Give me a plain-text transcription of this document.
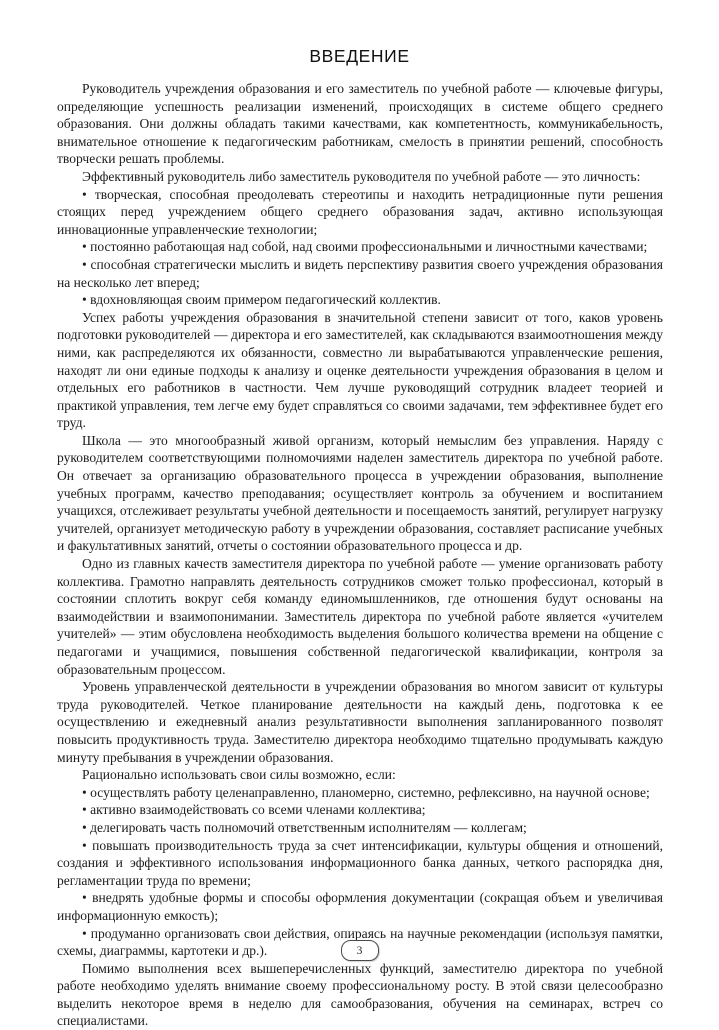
ВВЕДЕНИЕ

Руководитель учреждения образования и его заместитель по учебной работе — ключевые фигуры, определяющие успешность реализации изменений, происходящих в системе общего среднего образования. Они должны обладать такими качествами, как компетентность, коммуникабельность, внимательное отношение к педагогическим работникам, смелость в принятии решений, способность творчески решать проблемы.

Эффективный руководитель либо заместитель руководителя по учебной работе — это личность:

• творческая, способная преодолевать стереотипы и находить нетрадиционные пути решения стоящих перед учреждением общего среднего образования задач, активно использующая инновационные управленческие технологии;

• постоянно работающая над собой, над своими профессиональными и личностными качествами;

• способная стратегически мыслить и видеть перспективу развития своего учреждения образования на несколько лет вперед;

• вдохновляющая своим примером педагогический коллектив.

Успех работы учреждения образования в значительной степени зависит от того, каков уровень подготовки руководителей — директора и его заместителей, как складываются взаимоотношения между ними, как распределяются их обязанности, совместно ли вырабатываются управленческие решения, находят ли они единые подходы к анализу и оценке деятельности учреждения образования в целом и отдельных его работников в частности. Чем лучше руководящий сотрудник владеет теорией и практикой управления, тем легче ему будет справляться со своими задачами, тем эффективнее будет его труд.

Школа — это многообразный живой организм, который немыслим без управления. Наряду с руководителем соответствующими полномочиями наделен заместитель директора по учебной работе. Он отвечает за организацию образовательного процесса в учреждении образования, выполнение учебных программ, качество преподавания; осуществляет контроль за обучением и воспитанием учащихся, отслеживает результаты учебной деятельности и посещаемость занятий, регулирует нагрузку учителей, организует методическую работу в учреждении образования, составляет расписание учебных и факультативных занятий, отчеты о состоянии образовательного процесса и др.

Одно из главных качеств заместителя директора по учебной работе — умение организовать работу коллектива. Грамотно направлять деятельность сотрудников сможет только профессионал, который в состоянии сплотить вокруг себя команду единомышленников, где отношения будут основаны на взаимодействии и взаимопонимании. Заместитель директора по учебной работе является «учителем учителей» — этим обусловлена необходимость выделения большого количества времени на общение с педагогами и учащимися, повышения собственной педагогической квалификации, контроля за образовательным процессом.

Уровень управленческой деятельности в учреждении образования во многом зависит от культуры труда руководителей. Четкое планирование деятельности на каждый день, подготовка к ее осуществлению и ежедневный анализ результативности выполнения запланированного позволят повысить продуктивность труда. Заместителю директора необходимо тщательно продумывать каждую минуту пребывания в учреждении образования.

Рационально использовать свои силы возможно, если:

• осуществлять работу целенаправленно, планомерно, системно, рефлексивно, на научной основе;

• активно взаимодействовать со всеми членами коллектива;

• делегировать часть полномочий ответственным исполнителям — коллегам;

• повышать производительность труда за счет интенсификации, культуры общения и отношений, создания и эффективного использования информационного банка данных, четкого распорядка дня, регламентации труда по времени;

• внедрять удобные формы и способы оформления документации (сокращая объем и увеличивая информационную емкость);

• продуманно организовать свои действия, опираясь на научные рекомендации (используя памятки, схемы, диаграммы, картотеки и др.).

Помимо выполнения всех вышеперечисленных функций, заместителю директора по учебной работе необходимо уделять внимание своему профессиональному росту. В этой связи целесообразно выделить некоторое время в неделю для самообразования, обучения на семинарах, встреч со специалистами.

3
